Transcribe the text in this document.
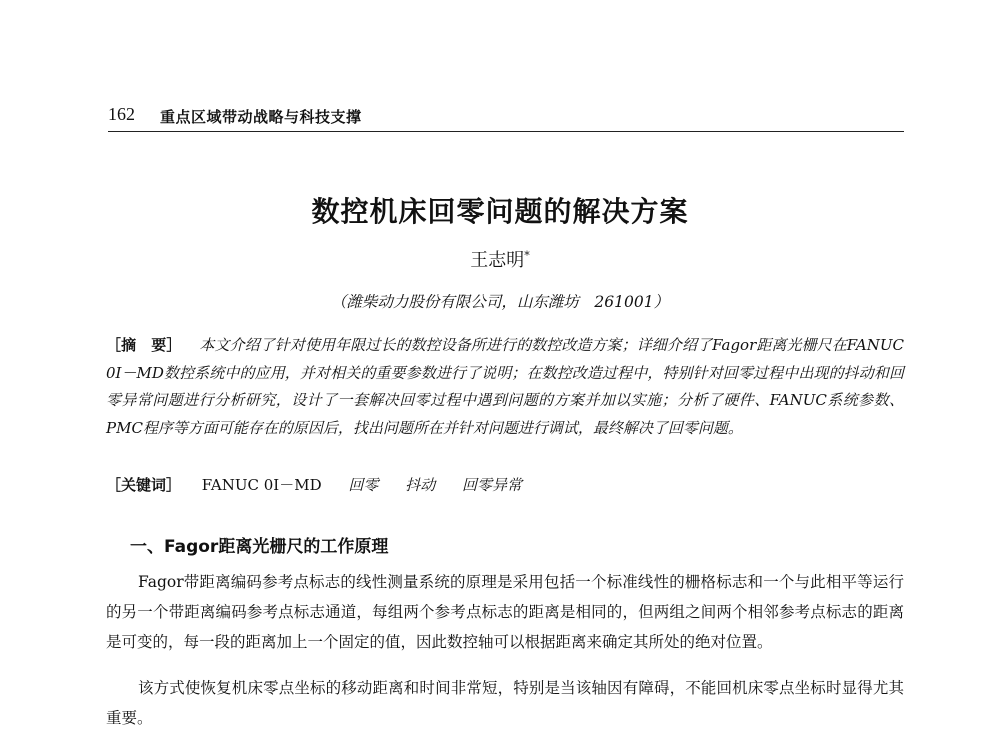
162 重点区域带动战略与科技支撑
数控机床回零问题的解决方案
王志明*
（潍柴动力股份有限公司，山东潍坊　261001）
［摘　要］ 本文介绍了针对使用年限过长的数控设备所进行的数控改造方案；详细介绍了Fagor距离光栅尺在FANUC 0I－MD数控系统中的应用，并对相关的重要参数进行了说明；在数控改造过程中，特别针对回零过程中出现的抖动和回零异常问题进行分析研究，设计了一套解决回零过程中遇到问题的方案并加以实施；分析了硬件、FANUC系统参数、PMC程序等方面可能存在的原因后，找出问题所在并针对问题进行调试，最终解决了回零问题。
［关键词］ FANUC 0I－MD 回零 抖动 回零异常
一、Fagor距离光栅尺的工作原理
Fagor带距离编码参考点标志的线性测量系统的原理是采用包括一个标准线性的栅格标志和一个与此相平等运行的另一个带距离编码参考点标志通道，每组两个参考点标志的距离是相同的，但两组之间两个相邻参考点标志的距离是可变的，每一段的距离加上一个固定的值，因此数控轴可以根据距离来确定其所处的绝对位置。
该方式使恢复机床零点坐标的移动距离和时间非常短，特别是当该轴因有障碍，不能回机床零点坐标时显得尤其重要。
